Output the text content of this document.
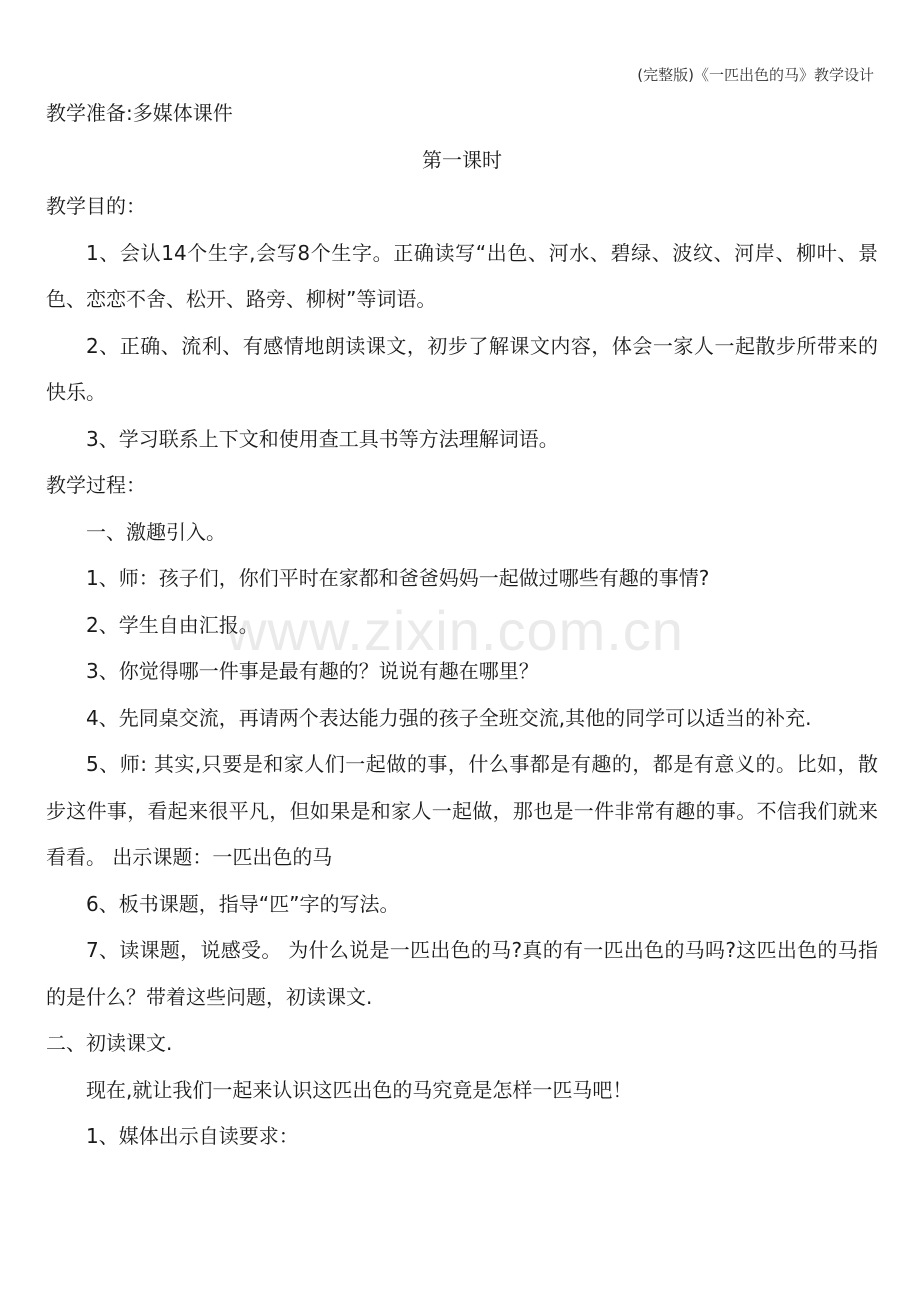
(完整版)《一匹出色的马》教学设计
www.zixin.com.cn

教学准备:多媒体课件

第一课时

教学目的：

1、会认14个生字,会写8个生字。正确读写“出色、河水、碧绿、波纹、河岸、柳叶、景色、恋恋不舍、松开、路旁、柳树”等词语。

2、正确、流利、有感情地朗读课文，初步了解课文内容，体会一家人一起散步所带来的快乐。

3、学习联系上下文和使用查工具书等方法理解词语。

教学过程：

一、激趣引入。

1、师：孩子们，你们平时在家都和爸爸妈妈一起做过哪些有趣的事情?

2、学生自由汇报。

3、你觉得哪一件事是最有趣的？说说有趣在哪里？

4、先同桌交流，再请两个表达能力强的孩子全班交流,其他的同学可以适当的补充.

5、师: 其实,只要是和家人们一起做的事，什么事都是有趣的，都是有意义的。比如，散步这件事，看起来很平凡，但如果是和家人一起做，那也是一件非常有趣的事。不信我们就来看看。 出示课题：一匹出色的马

6、板书课题，指导“匹”字的写法。

7、读课题，说感受。 为什么说是一匹出色的马?真的有一匹出色的马吗?这匹出色的马指的是什么？带着这些问题，初读课文.

二、初读课文.

现在,就让我们一起来认识这匹出色的马究竟是怎样一匹马吧！

1、媒体出示自读要求：
